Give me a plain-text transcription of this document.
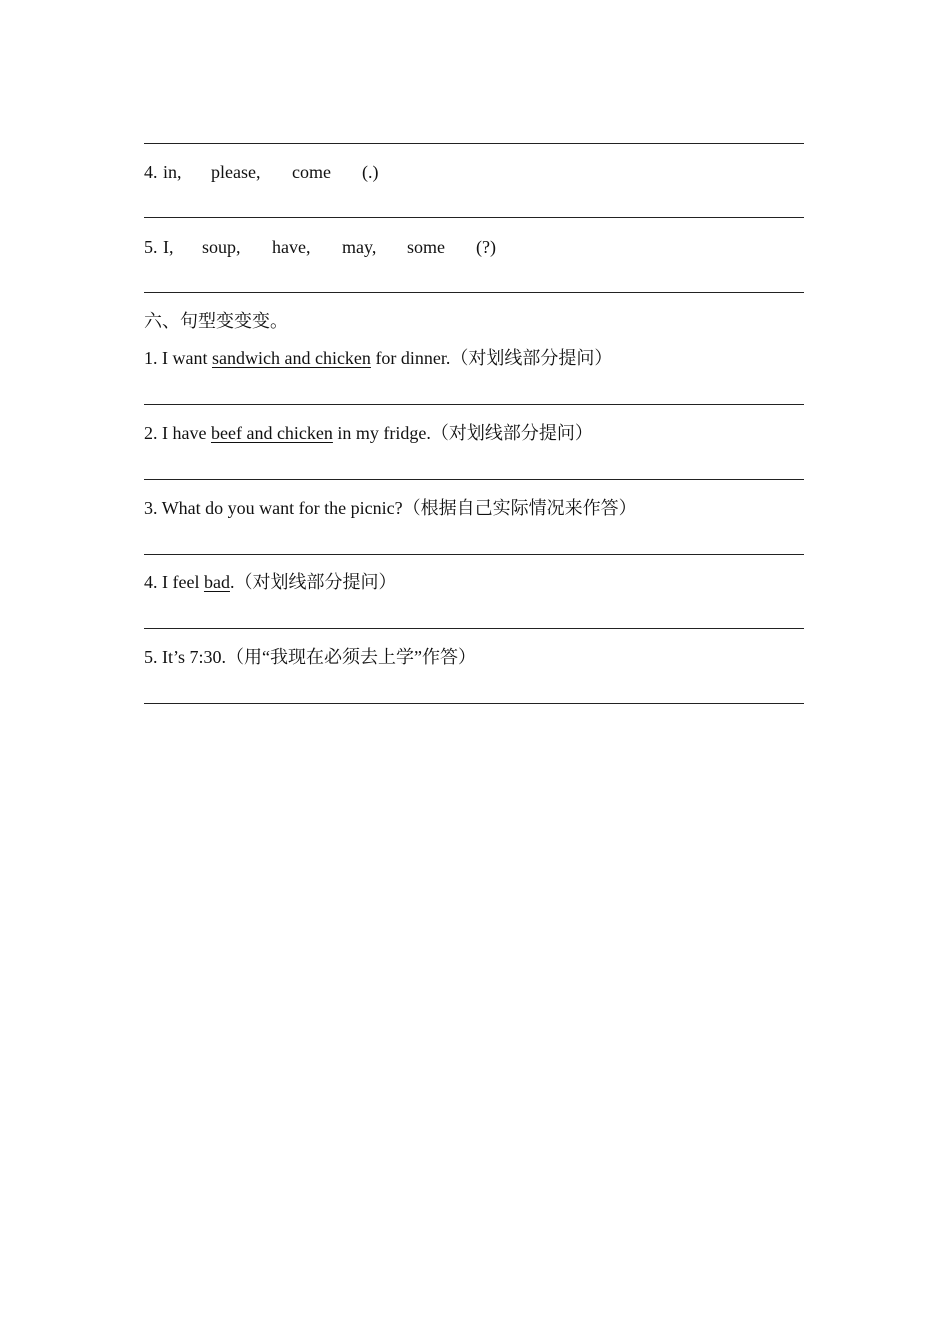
4. in, please, come (.)
5. I, soup, have, may, some (?)
六、句型变变变。
1. I want sandwich and chicken for dinner.（对划线部分提问）
2. I have beef and chicken in my fridge.（对划线部分提问）
3. What do you want for the picnic?（根据自己实际情况来作答）
4. I feel bad.（对划线部分提问）
5. It’s 7:30.（用“我现在必须去上学”作答）
